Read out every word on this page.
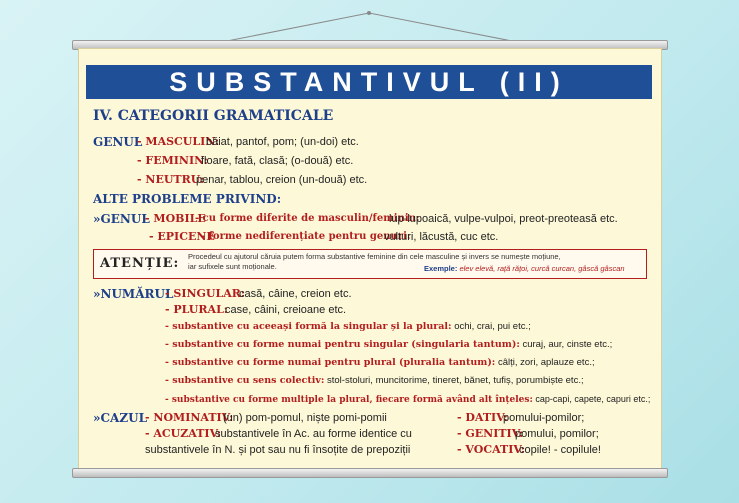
SUBSTANTIVUL (II)
IV. CATEGORII GRAMATICALE
GENUL
- MASCULIN:
băiat, pantof, pom; (un-doi) etc.
- FEMININ:
floare, fată, clasă; (o-două) etc.
- NEUTRU:
penar, tablou, creion (un-două) etc.
ALTE PROBLEME PRIVIND:
»GENUL
- MOBILE
- cu forme diferite de masculin/feminin:
lup-lupoaică, vulpe-vulpoi, preot-preoteasă etc.
- EPICENE
- forme nediferențiate pentru genuri:
vulturi, lăcustă, cuc etc.
ATENȚIE: Procedeul cu ajutorul căruia putem forma substantive feminine din cele masculine și invers se numește moțiune,
iar sufixele sunt moționale.	Exemple: elev elevă, rață rățoi, curcă curcan, gâscă gâscan
»NUMĂRUL
- SINGULAR:
casă, câine, creion etc.
- PLURAL:
case, câini, creioane etc.
- substantive cu aceeași formă la singular și la plural: ochi, crai, pui etc.;
- substantive cu forme numai pentru singular (singularia tantum): curaj, aur, cinste etc.;
- substantive cu forme numai pentru plural (pluralia tantum): câlți, zori, aplauze etc.;
- substantive cu sens colectiv: stol-stoluri, muncitorime, tineret, bănet, tufiș, porumbiște etc.;
- substantive cu forme multiple la plural, fiecare formă având alt înțeles: cap-capi, capete, capuri etc.;
»CAZUL
- NOMINATIV:
(un) pom-pomul, niște pomi-pomii
- ACUZATIV:
substantivele în Ac. au forme identice cu
substantivele în N. și pot sau nu fi însoțite de prepoziții
- DATIV:
pomului-pomilor;
- GENITIV:
pomului, pomilor;
- VOCATIV:
copile! - copilule!
